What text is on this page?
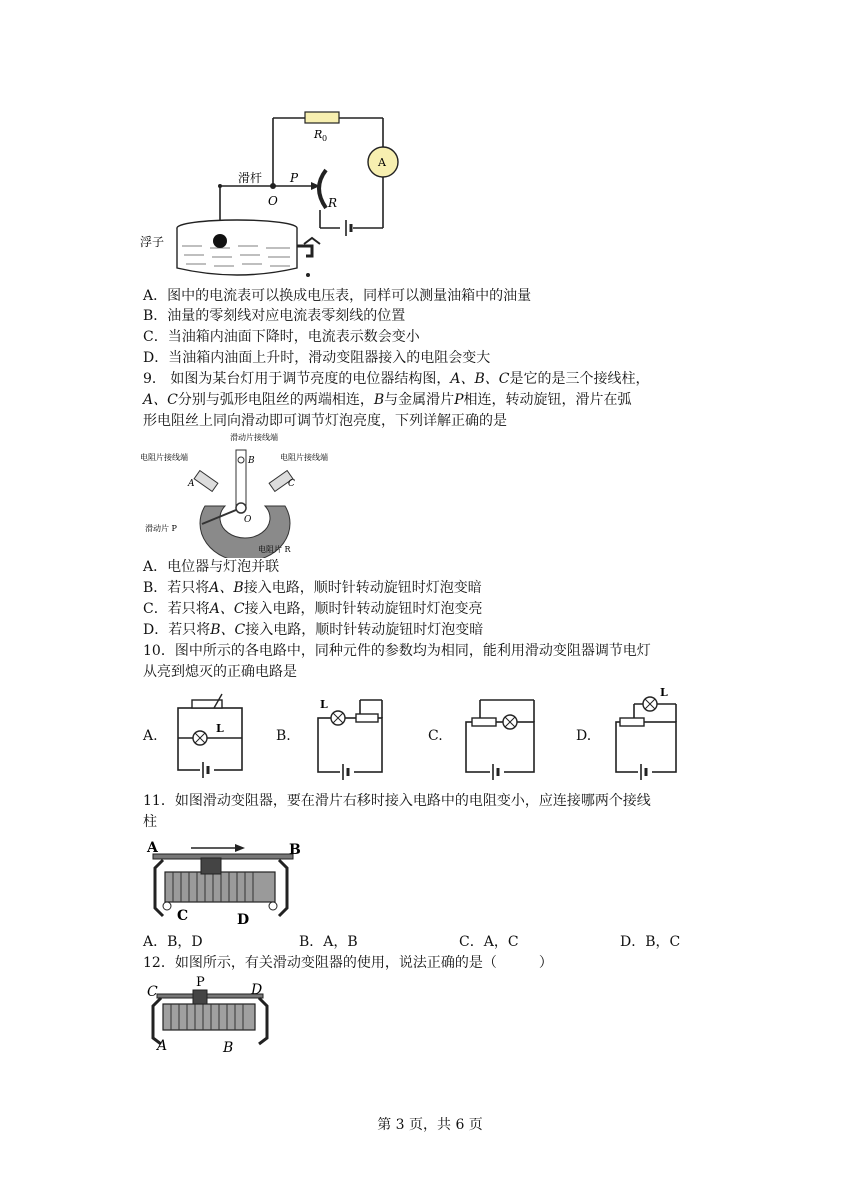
R 0
A
滑杆 P
O	R
浮子
A．图中的电流表可以换成电压表，同样可以测量油箱中的油量
B．油量的零刻线对应电流表零刻线的位置
C．当油箱内油面下降时，电流表示数会变小
D．当油箱内油面上升时，滑动变阻器接入的电阻会变大
9． 如图为某台灯用于调节亮度的电位器结构图，A、B、C是它的是三个接线柱，
A、C分别与弧形电阻丝的两端相连，B与金属滑片P相连，转动旋钮，滑片在弧
形电阻丝上同向滑动即可调节灯泡亮度，下列详解正确的是
滑动片接线端
电阻片接线端	电阻片接线端
A
B
C
O
滑动片 P
电阻片 R
A．电位器与灯泡并联
B．若只将A、B接入电路，顺时针转动旋钮时灯泡变暗
C．若只将A、C接入电路，顺时针转动旋钮时灯泡变亮
D．若只将B、C接入电路，顺时针转动旋钮时灯泡变暗
10．图中所示的各电路中，同种元件的参数均为相同，能利用滑动变阻器调节电灯
从亮到熄灭的正确电路是
A.	B.	C.	D.
L
L
L
11．如图滑动变阻器，要在滑片右移时接入电路中的电阻变小，应连接哪两个接线
柱
A	B
C	D
A．B，D	B．A，B	C．A，C	D．B，C
12．如图所示，有关滑动变阻器的使用，说法正确的是（　　　）
C
P	D
A	B
第 3 页，共 6 页
